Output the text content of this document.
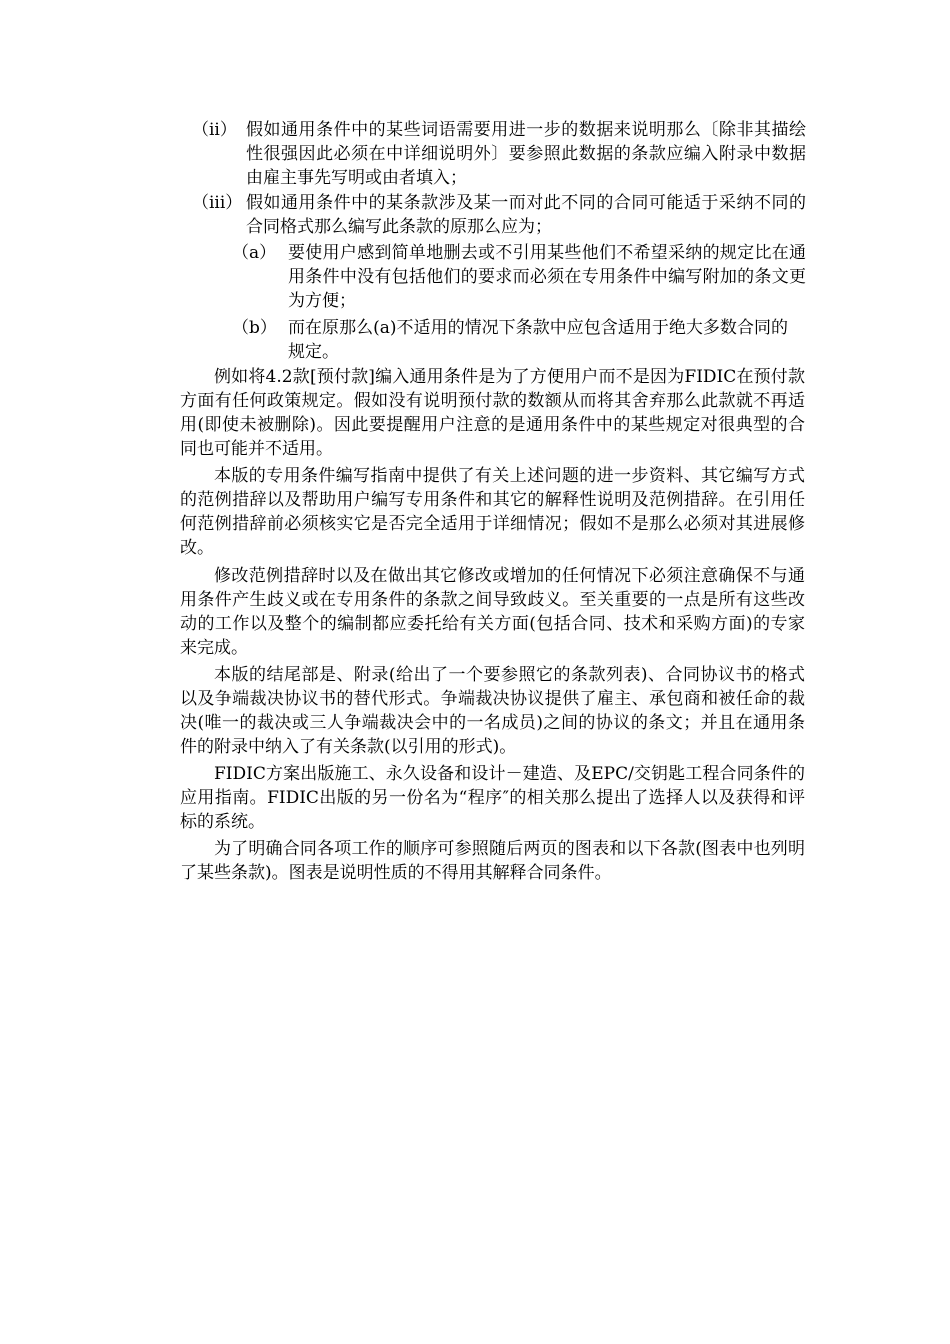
（ii） 假如通用条件中的某些词语需要用进一步的数据来说明那么〔除非其描绘性很强因此必须在中详细说明外〕要参照此数据的条款应编入附录中数据由雇主事先写明或由者填入；
（iii） 假如通用条件中的某条款涉及某一而对此不同的合同可能适于采纳不同的合同格式那么编写此条款的原那么应为；
（a） 要使用户感到简单地删去或不引用某些他们不希望采纳的规定比在通用条件中没有包括他们的要求而必须在专用条件中编写附加的条文更为方便；
（b） 而在原那么(a)不适用的情况下条款中应包含适用于绝大多数合同的规定。

例如将4.2款[预付款]编入通用条件是为了方便用户而不是因为FIDIC在预付款方面有任何政策规定。假如没有说明预付款的数额从而将其舍弃那么此款就不再适用(即使未被删除)。因此要提醒用户注意的是通用条件中的某些规定对很典型的合同也可能并不适用。

本版的专用条件编写指南中提供了有关上述问题的进一步资料、其它编写方式的范例措辞以及帮助用户编写专用条件和其它的解释性说明及范例措辞。在引用任何范例措辞前必须核实它是否完全适用于详细情况；假如不是那么必须对其进展修改。

修改范例措辞时以及在做出其它修改或增加的任何情况下必须注意确保不与通用条件产生歧义或在专用条件的条款之间导致歧义。至关重要的一点是所有这些改动的工作以及整个的编制都应委托给有关方面(包括合同、技术和采购方面)的专家来完成。

本版的结尾部是、附录(给出了一个要参照它的条款列表)、合同协议书的格式以及争端裁决协议书的替代形式。争端裁决协议提供了雇主、承包商和被任命的裁决(唯一的裁决或三人争端裁决会中的一名成员)之间的协议的条文；并且在通用条件的附录中纳入了有关条款(以引用的形式)。

FIDIC方案出版施工、永久设备和设计－建造、及EPC/交钥匙工程合同条件的应用指南。FIDIC出版的另一份名为“程序″的相关那么提出了选择人以及获得和评标的系统。

为了明确合同各项工作的顺序可参照随后两页的图表和以下各款(图表中也列明了某些条款)。图表是说明性质的不得用其解释合同条件。
